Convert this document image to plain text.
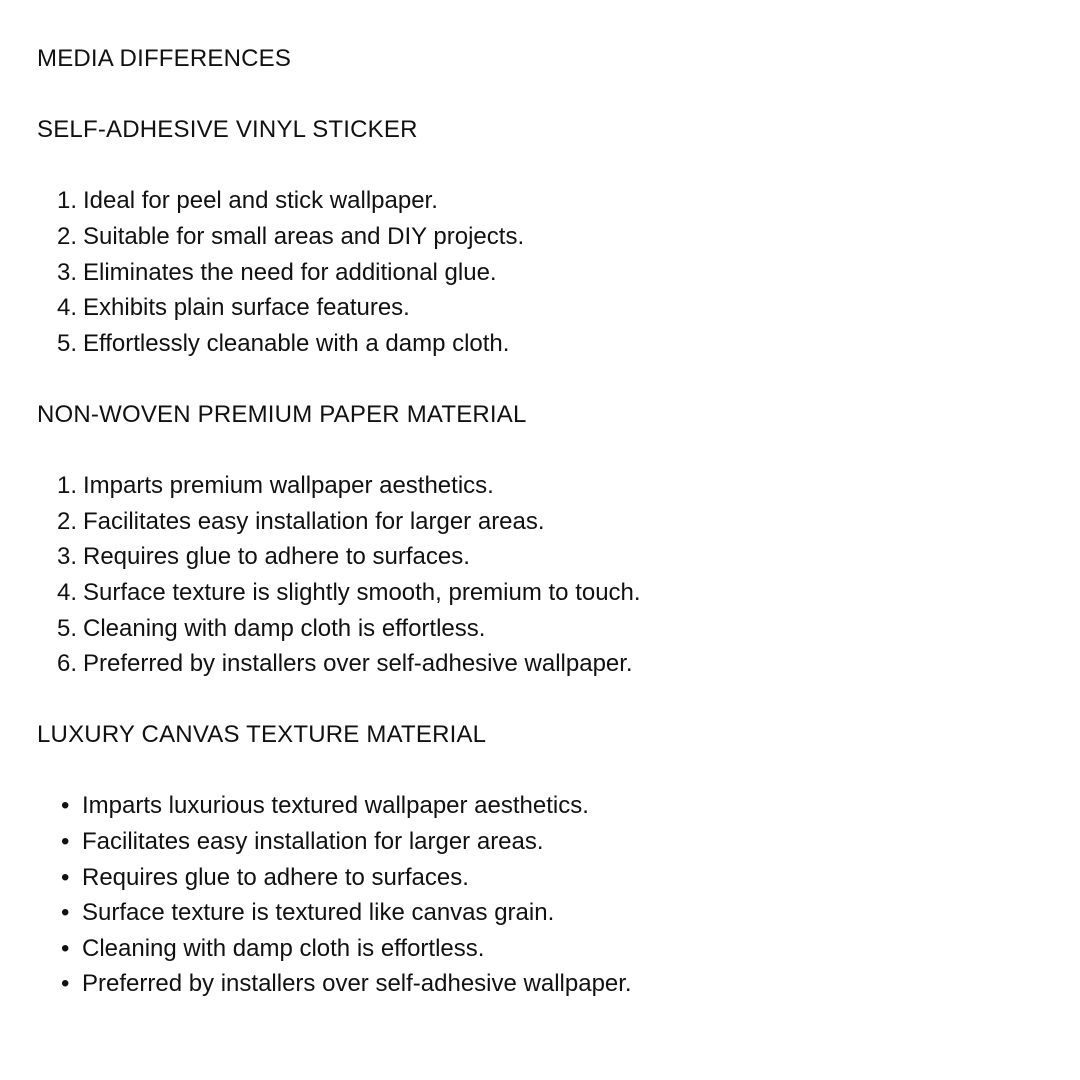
MEDIA DIFFERENCES
SELF-ADHESIVE VINYL STICKER
1. Ideal for peel and stick wallpaper.
2. Suitable for small areas and DIY projects.
3. Eliminates the need for additional glue.
4. Exhibits plain surface features.
5. Effortlessly cleanable with a damp cloth.
NON-WOVEN PREMIUM PAPER MATERIAL
1. Imparts premium wallpaper aesthetics.
2. Facilitates easy installation for larger areas.
3. Requires glue to adhere to surfaces.
4. Surface texture is slightly smooth, premium to touch.
5. Cleaning with damp cloth is effortless.
6. Preferred by installers over self-adhesive wallpaper.
LUXURY CANVAS TEXTURE MATERIAL
• Imparts luxurious textured wallpaper aesthetics.
• Facilitates easy installation for larger areas.
• Requires glue to adhere to surfaces.
• Surface texture is textured like canvas grain.
• Cleaning with damp cloth is effortless.
• Preferred by installers over self-adhesive wallpaper.
